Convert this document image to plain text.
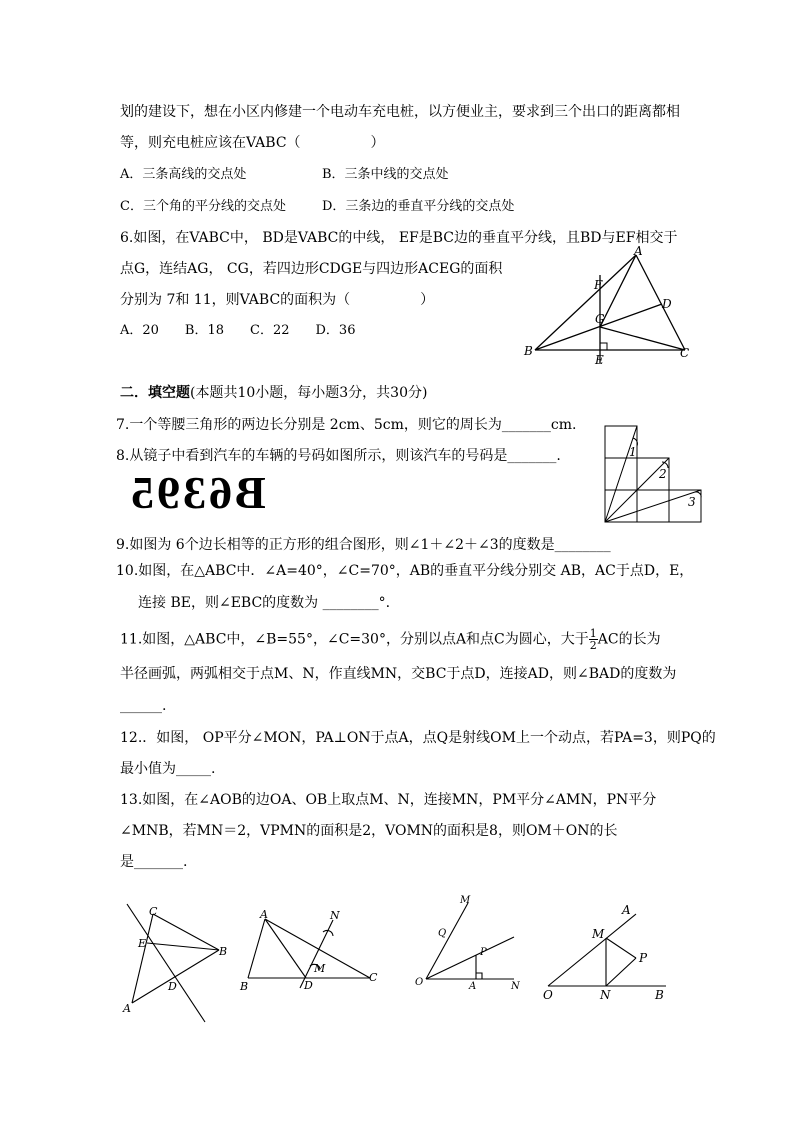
划的建设下，想在小区内修建一个电动车充电桩，以方便业主，要求到三个出口的距离都相
等，则充电桩应该在VABC（　　　　　）
A．三条高线的交点处	B．三条中线的交点处
C．三个角的平分线的交点处	D．三条边的垂直平分线的交点处
6.如图，在VABC中， BD是VABC的中线， EF是BC边的垂直平分线，且BD与EF相交于
点G，连结AG， CG，若四边形CDGE与四边形ACEG的面积
分别为 7和 11，则VABC的面积为（　　　　　）
A．20　　B．18　　C．22　　D．36
A
B	C
D
E
F
G
二．填空题(本题共10小题，每小题3分，共30分)
7.一个等腰三角形的两边长分别是 2cm、5cm，则它的周长为_______cm.
8.从镜子中看到汽车的车辆的号码如图所示，则该汽车的号码是_______.
B6395
1
2
3
9.如图为 6个边长相等的正方形的组合图形，则∠1＋∠2＋∠3的度数是________
10.如图，在△ABC中．∠A=40°，∠C=70°，AB的垂直平分线分别交 AB，AC于点D，E，
连接 BE，则∠EBC的度数为 ________°.
11.如图，△ABC中，∠B=55°，∠C=30°，分别以点A和点C为圆心，大于 $\frac{1}{2}$ AC的长为
半径画弧，两弧相交于点M、N，作直线MN，交BC于点D，连接AD，则∠BAD的度数为
______.
12.．如图， OP平分∠MON，PA⊥ON于点A，点Q是射线OM上一个动点，若PA=3，则PQ的
最小值为_____.
13.如图，在∠AOB的边OA、OB上取点M、N，连接MN，PM平分∠AMN，PN平分
∠MNB，若MN＝2，VPMN的面积是2，VOMN的面积是8，则OM＋ON的长
是_______.
C
E
B
D
A
A
B
C
D
M
N
M
Q
P
O	A	N
A
M
P
O	N	B
